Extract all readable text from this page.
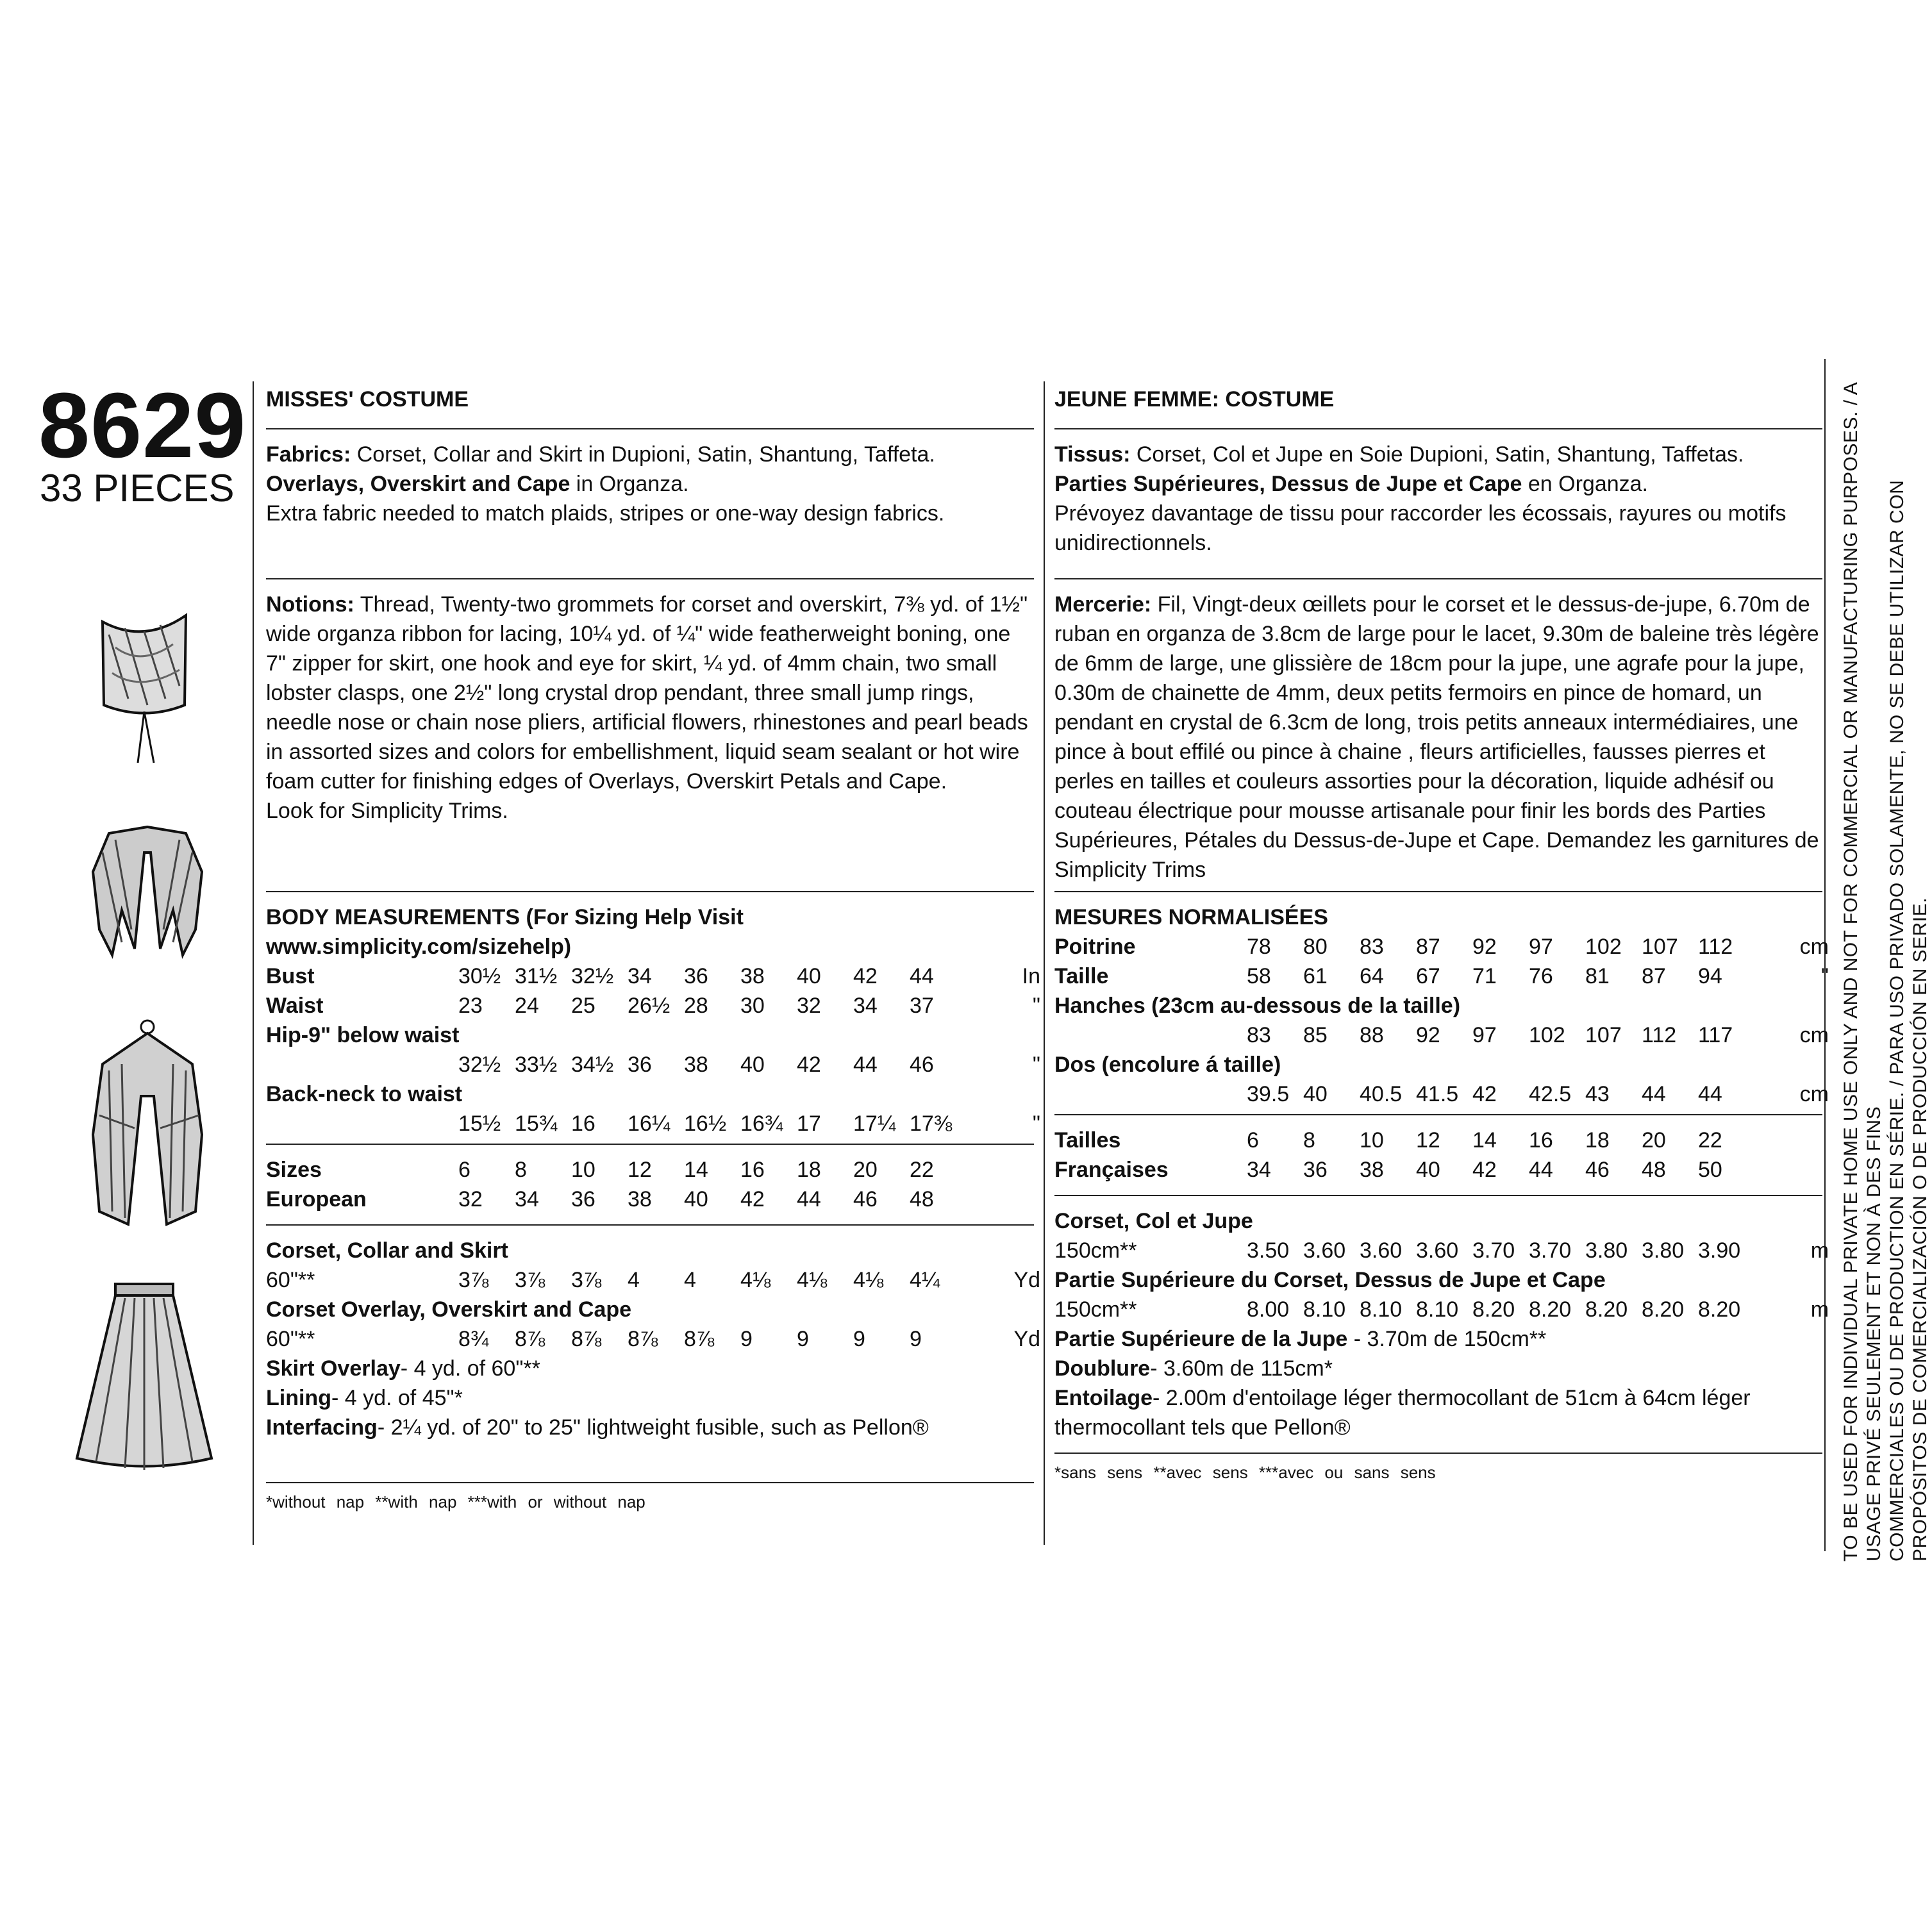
8629
33 PIECES
MISSES' COSTUME
Fabrics: Corset, Collar and Skirt in Dupioni, Satin, Shantung, Taffeta.
Overlays, Overskirt and Cape in Organza.
Extra fabric needed to match plaids, stripes or one-way design fabrics.
Notions: Thread, Twenty-two grommets for corset and overskirt, 7⅜ yd. of 1½" wide organza ribbon for lacing, 10¼ yd. of ¼" wide featherweight boning, one 7" zipper for skirt, one hook and eye for skirt, ¼ yd. of 4mm chain, two small lobster clasps, one 2½" long crystal drop pendant, three small jump rings, needle nose or chain nose pliers, artificial flowers, rhinestones and pearl beads in assorted sizes and colors for embellishment, liquid seam sealant or hot wire foam cutter for finishing edges of Overlays, Overskirt Petals and Cape.
Look for Simplicity Trims.
BODY MEASUREMENTS (For Sizing Help Visit www.simplicity.com/sizehelp)
Bust	30½	31½	32½	34	36	38	40	42	44	In
Waist	23	24	25	26½	28	30	32	34	37	"
Hip-9" below waist										
	32½	33½	34½	36	38	40	42	44	46	"
Back-neck to waist										
	15½	15¾	16	16¼	16½	16¾	17	17¼	17⅜	"
Sizes	6	8	10	12	14	16	18	20	22	
European	32	34	36	38	40	42	44	46	48	
Corset, Collar and Skirt										
60"**	3⅞	3⅞	3⅞	4	4	4⅛	4⅛	4⅛	4¼	Yd
Corset Overlay, Overskirt and Cape										
60"**	8¾	8⅞	8⅞	8⅞	8⅞	9	9	9	9	Yd
Skirt Overlay- 4 yd. of 60"**
Lining- 4 yd. of 45"*
Interfacing- 2¼ yd. of 20" to 25" lightweight fusible, such as Pellon®
*without nap **with nap ***with or without nap
JEUNE FEMME: COSTUME
Tissus: Corset, Col et Jupe en Soie Dupioni, Satin, Shantung, Taffetas.
Parties Supérieures, Dessus de Jupe et Cape en Organza.
Prévoyez davantage de tissu pour raccorder les écossais, rayures ou motifs unidirectionnels.
Mercerie: Fil, Vingt-deux œillets pour le corset et le dessus-de-jupe, 6.70m de ruban en organza de 3.8cm de large pour le lacet, 9.30m de baleine très légère de 6mm de large, une glissière de 18cm pour la jupe, une agrafe pour la jupe, 0.30m de chainette de 4mm, deux petits fermoirs en pince de homard, un pendant en crystal de 6.3cm de long, trois petits anneaux intermédiaires, une pince à bout effilé ou pince à chaine , fleurs artificielles, fausses pierres et perles en tailles et couleurs assorties pour la décoration, liquide adhésif ou couteau électrique pour mousse artisanale pour finir les bords des Parties Supérieures, Pétales du Dessus-de-Jupe et Cape. Demandez les garnitures de Simplicity Trims
MESURES NORMALISÉES
Poitrine	78	80	83	87	92	97	102	107	112	cm
Taille	58	61	64	67	71	76	81	87	94	"
Hanches (23cm au-dessous de la taille)										
	83	85	88	92	97	102	107	112	117	cm
Dos (encolure á taille)										
	39.5	40	40.5	41.5	42	42.5	43	44	44	cm
Tailles	6	8	10	12	14	16	18	20	22	
Françaises	34	36	38	40	42	44	46	48	50	
Corset, Col et Jupe										
150cm**	3.50	3.60	3.60	3.60	3.70	3.70	3.80	3.80	3.90	m
Partie Supérieure du Corset, Dessus de Jupe et Cape										
150cm**	8.00	8.10	8.10	8.10	8.20	8.20	8.20	8.20	8.20	m
Partie Supérieure de la Jupe - 3.70m de 150cm**
Doublure- 3.60m de 115cm*
Entoilage- 2.00m d'entoilage léger thermocollant de 51cm à 64cm léger thermocollant tels que Pellon®
*sans sens **avec sens ***avec ou sans sens	TO BE USED FOR INDIVIDUAL PRIVATE HOME USE ONLY AND NOT FOR COMMERCIAL OR MANUFACTURING PURPOSES. / A USAGE PRIVÉ SEULEMENT ET NON À DES FINS COMMERCIALES OU DE PRODUCTION EN SÉRIE. / PARA USO PRIVADO SOLAMENTE, NO SE DEBE UTILIZAR CON PROPÓSITOS DE COMERCIALIZACIÓN O DE PRODUCCIÓN EN SERIE.
